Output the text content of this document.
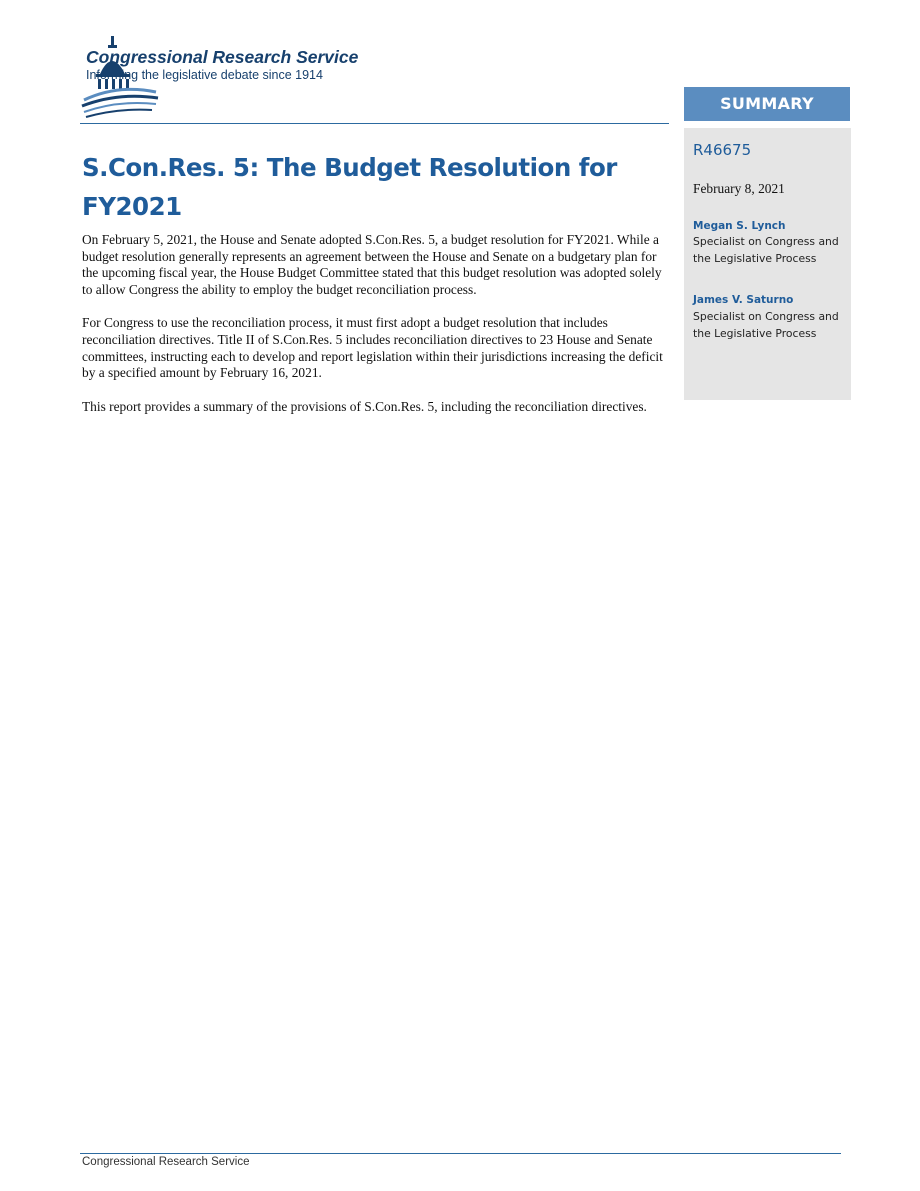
Congressional Research Service
Informing the legislative debate since 1914
S.Con.Res. 5: The Budget Resolution for FY2021

On February 5, 2021, the House and Senate adopted S.Con.Res. 5, a budget resolution for FY2021. While a budget resolution generally represents an agreement between the House and Senate on a budgetary plan for the upcoming fiscal year, the House Budget Committee stated that this budget resolution was adopted solely to allow Congress the ability to employ the budget reconciliation process.

For Congress to use the reconciliation process, it must first adopt a budget resolution that includes reconciliation directives. Title II of S.Con.Res. 5 includes reconciliation directives to 23 House and Senate committees, instructing each to develop and report legislation within their jurisdictions increasing the deficit by a specified amount by February 16, 2021.

This report provides a summary of the provisions of S.Con.Res. 5, including the reconciliation directives.

SUMMARY
R46675
February 8, 2021
Megan S. Lynch
Specialist on Congress and the Legislative Process
James V. Saturno
Specialist on Congress and the Legislative Process
Congressional Research Service
